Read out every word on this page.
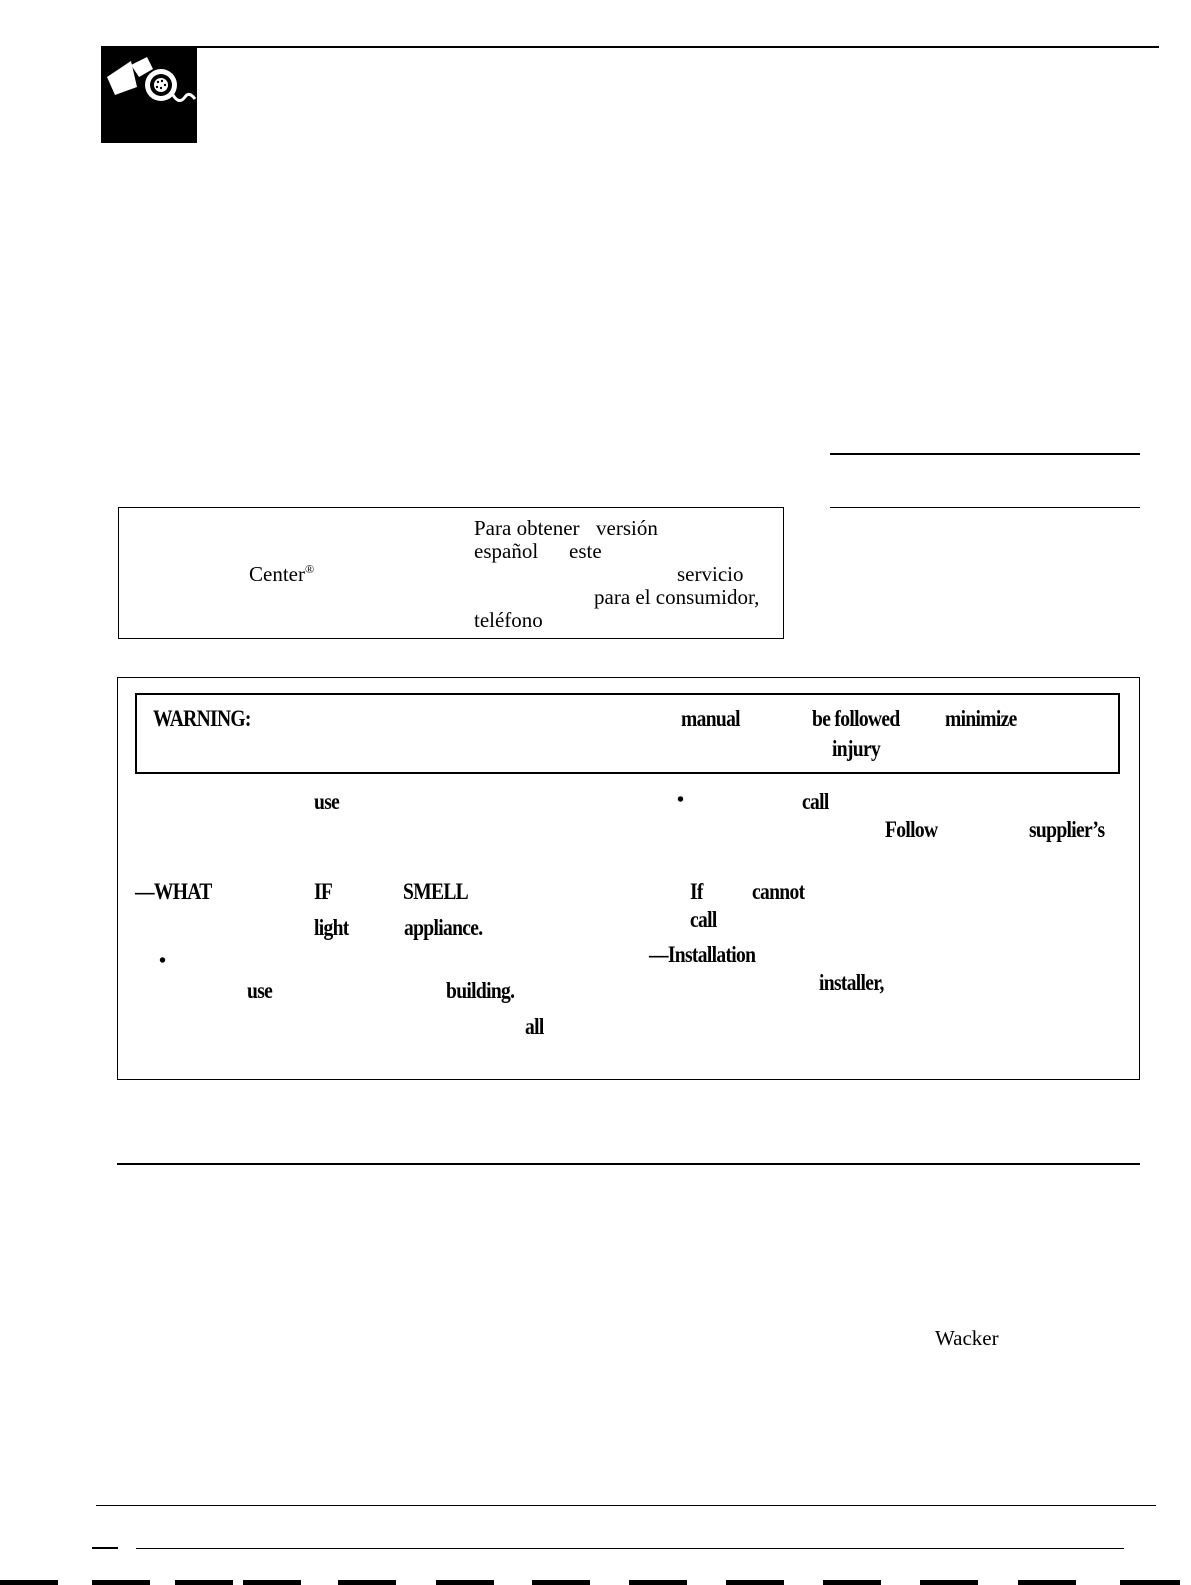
Center®
Para obtener versión
español este
servicio
para el consumidor,
teléfono
WARNING:	manual	be followed minimize
injury
use
—WHAT	IF	SMELL
light appliance.
•
use	building.
all
•	call
Follow	supplier’s
If cannot
call
—Installation
installer,
Wacker
